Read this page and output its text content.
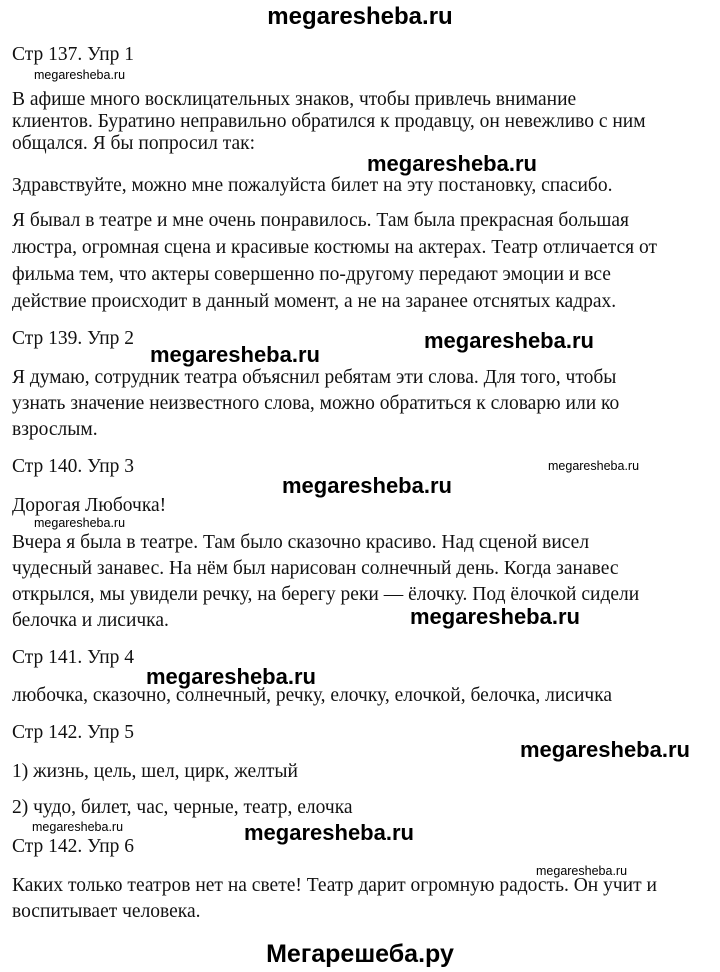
megaresheba.ru
Мегарешеба.ру
Стр 137. Упр 1
В афише много восклицательных знаков, чтобы привлечь внимание
клиентов. Буратино неправильно обратился к продавцу, он невежливо с ним
общался. Я бы попросил так:
Здравствуйте, можно мне пожалуйста билет на эту постановку, спасибо.
Я бывал в театре и мне очень понравилось. Там была прекрасная большая
люстра, огромная сцена и красивые костюмы на актерах. Театр отличается от
фильма тем, что актеры совершенно по-другому передают эмоции и все
действие происходит в данный момент, а не на заранее отснятых кадрах.
Стр 139. Упр 2
Я думаю, сотрудник театра объяснил ребятам эти слова. Для того, чтобы
узнать значение неизвестного слова, можно обратиться к словарю или ко
взрослым.
Стр 140. Упр 3
Дорогая Любочка!
Вчера я была в театре. Там было сказочно красиво. Над сценой висел
чудесный занавес. На нём был нарисован солнечный день. Когда занавес
открылся, мы увидели речку, на берегу реки — ёлочку. Под ёлочкой сидели
белочка и лисичка.
Стр 141. Упр 4
любочка, сказочно, солнечный, речку, елочку, елочкой, белочка, лисичка
Стр 142. Упр 5
1) жизнь, цель, шел, цирк, желтый
2) чудо, билет, час, черные, театр, елочка
Стр 142. Упр 6
Каких только театров нет на свете! Театр дарит огромную радость. Он учит и
воспитывает человека.
megaresheba.ru
megaresheba.ru
megaresheba.ru
megaresheba.ru
megaresheba.ru
megaresheba.ru
megaresheba.ru
megaresheba.ru
megaresheba.ru
megaresheba.ru
megaresheba.ru	megaresheba.ru
megaresheba.ru
